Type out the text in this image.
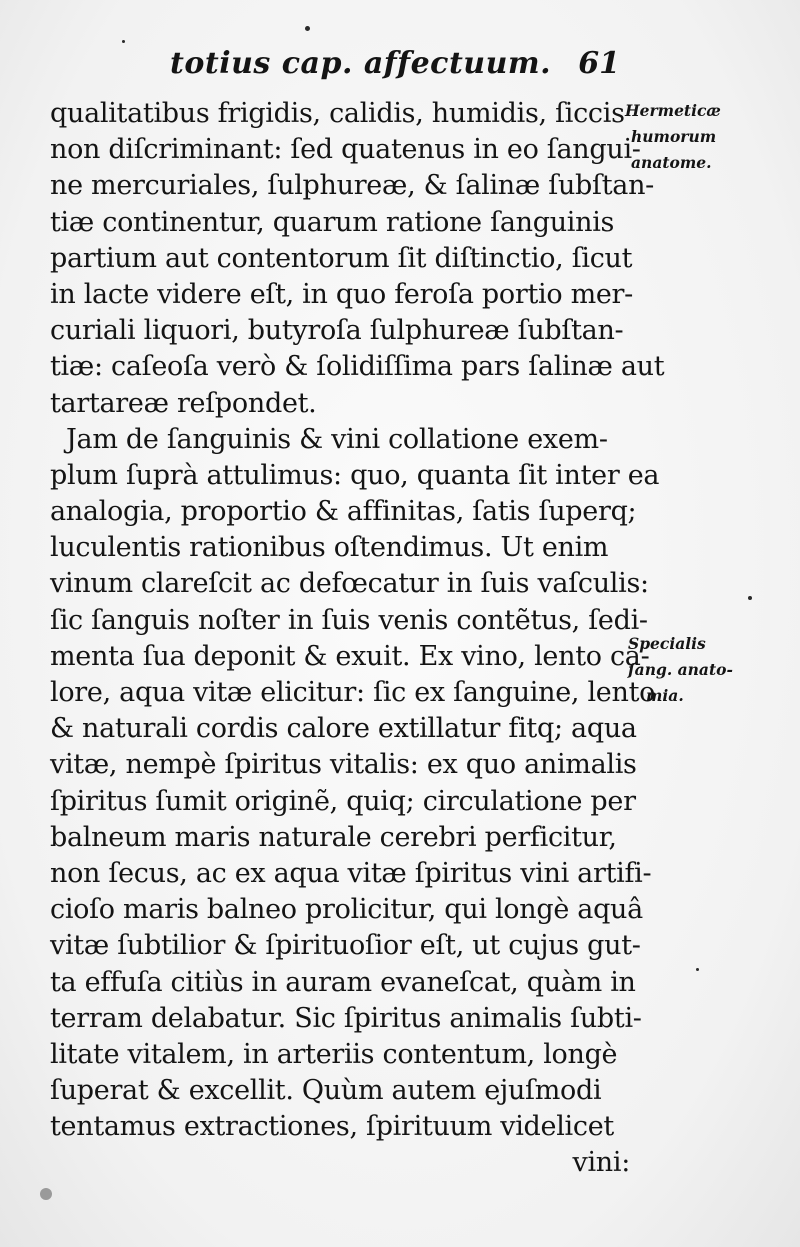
totius cap. affectuum. 61
qualitatibus frigidis, calidis, humidis, ſiccis
non diſcriminant: ſed quatenus in eo ſangui-
ne mercuriales, ſulphureæ, & ſalinæ ſubſtan-
tiæ continentur, quarum ratione ſanguinis
partium aut contentorum ſit diſtinctio, ſicut
in lacte videre eſt, in quo feroſa portio mer-
curiali liquori, butyroſa ſulphureæ ſubſtan-
tiæ: caſeoſa verò & ſolidiſſima pars ſalinæ aut
tartareæ reſpondet.
Jam de ſanguinis & vini collatione exem-
plum ſuprà attulimus: quo, quanta ſit inter ea
analogia, proportio & affinitas, ſatis ſuperq;
luculentis rationibus oſtendimus. Ut enim
vinum clareſcit ac defœcatur in ſuis vaſculis:
ſic ſanguis noſter in ſuis venis contẽtus, ſedi-
menta ſua deponit & exuit. Ex vino, lento ca-
lore, aqua vitæ elicitur: ſic ex ſanguine, lento
& naturali cordis calore extillatur fitq; aqua
vitæ, nempè ſpiritus vitalis: ex quo animalis
ſpiritus ſumit originẽ, quiq; circulatione per
balneum maris naturale cerebri perficitur,
non ſecus, ac ex aqua vitæ ſpiritus vini artifi-
cioſo maris balneo prolicitur, qui longè aquâ
vitæ ſubtilior & ſpirituoſior eſt, ut cujus gut-
ta effuſa citiùs in auram evaneſcat, quàm in
terram delabatur. Sic ſpiritus animalis ſubti-
litate vitalem, in arteriis contentum, longè
ſuperat & excellit. Quùm autem ejuſmodi
tentamus extractiones, ſpirituum videlicet
vini:
Hermeticæ
humorum
anatome.
Specialis
ſang. anato-
mia.
